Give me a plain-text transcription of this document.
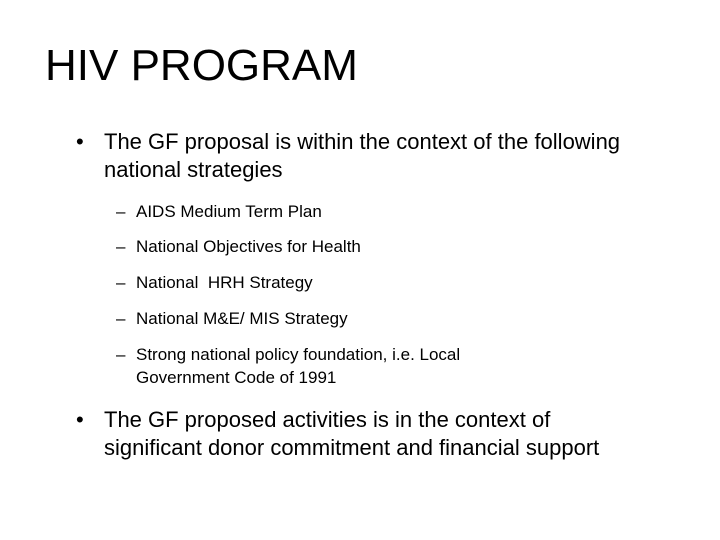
HIV PROGRAM
• The GF proposal is within the context of the following national strategies
– AIDS Medium Term Plan
– National Objectives for Health
– National  HRH Strategy
– National M&E/ MIS Strategy
– Strong national policy foundation, i.e. Local Government Code of 1991
• The GF proposed activities is in the context of significant donor commitment and financial support
